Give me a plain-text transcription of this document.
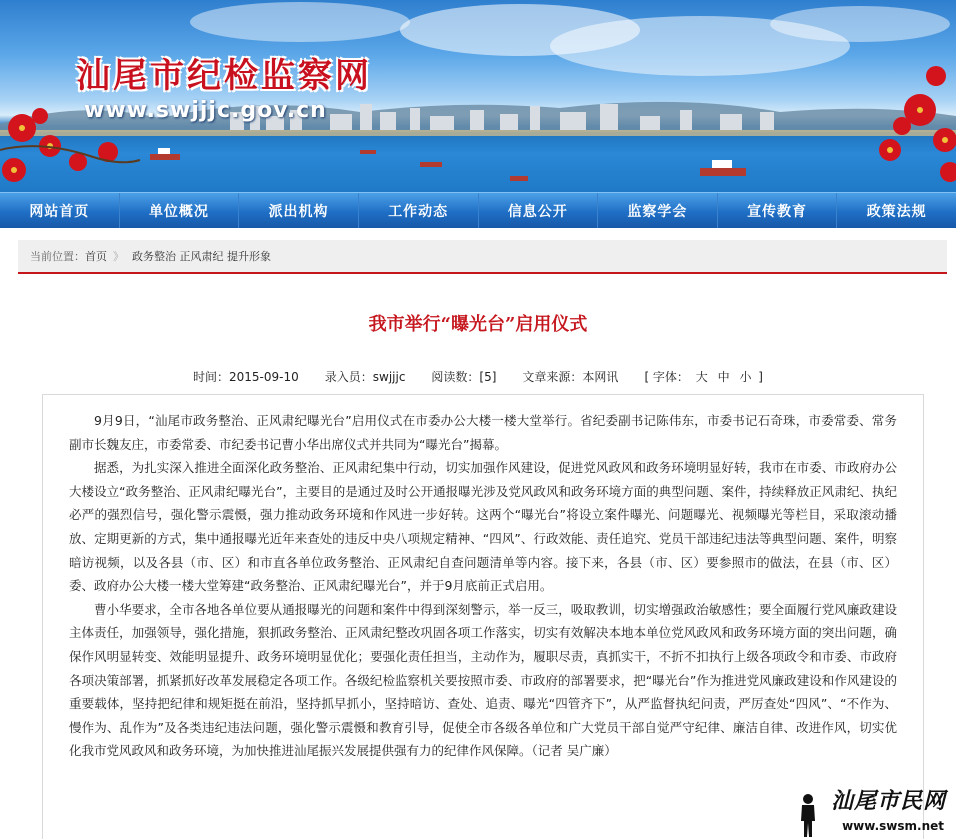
汕尾市纪检监察网
www.swjjjc.gov.cn
网站首页	单位概况	派出机构	工作动态	信息公开	监察学会	宣传教育	政策法规
当前位置： 首页 》 政务整治 正风肃纪 提升形象
我市举行“曝光台”启用仪式
时间：2015-09-10 录入员：swjjjc 阅读数：[5] 文章来源：本网讯 [ 字体： 大 中 小 ]

9月9日，“汕尾市政务整治、正风肃纪曝光台”启用仪式在市委办公大楼一楼大堂举行。省纪委副书记陈伟东，市委书记石奇珠，市委常委、常务副市长魏友庄，市委常委、市纪委书记曹小华出席仪式并共同为“曝光台”揭幕。

据悉，为扎实深入推进全面深化政务整治、正风肃纪集中行动，切实加强作风建设，促进党风政风和政务环境明显好转，我市在市委、市政府办公大楼设立“政务整治、正风肃纪曝光台”，主要目的是通过及时公开通报曝光涉及党风政风和政务环境方面的典型问题、案件，持续释放正风肃纪、执纪必严的强烈信号，强化警示震慑，强力推动政务环境和作风进一步好转。这两个“曝光台”将设立案件曝光、问题曝光、视频曝光等栏目，采取滚动播放、定期更新的方式，集中通报曝光近年来查处的违反中央八项规定精神、“四风”、行政效能、责任追究、党员干部违纪违法等典型问题、案件，明察暗访视频，以及各县（市、区）和市直各单位政务整治、正风肃纪自查问题清单等内容。接下来，各县（市、区）要参照市的做法，在县（市、区）委、政府办公大楼一楼大堂筹建“政务整治、正风肃纪曝光台”，并于9月底前正式启用。

曹小华要求，全市各地各单位要从通报曝光的问题和案件中得到深刻警示，举一反三，吸取教训，切实增强政治敏感性；要全面履行党风廉政建设主体责任，加强领导，强化措施，狠抓政务整治、正风肃纪整改巩固各项工作落实，切实有效解决本地本单位党风政风和政务环境方面的突出问题，确保作风明显转变、效能明显提升、政务环境明显优化；要强化责任担当，主动作为，履职尽责，真抓实干，不折不扣执行上级各项政令和市委、市政府各项决策部署，抓紧抓好改革发展稳定各项工作。各级纪检监察机关要按照市委、市政府的部署要求，把“曝光台”作为推进党风廉政建设和作风建设的重要载体，坚持把纪律和规矩挺在前沿，坚持抓早抓小，坚持暗访、查处、追责、曝光“四管齐下”，从严监督执纪问责，严厉查处“四风”、“不作为、慢作为、乱作为”及各类违纪违法问题，强化警示震慑和教育引导，促使全市各级各单位和广大党员干部自觉严守纪律、廉洁自律、改进作风，切实优化我市党风政风和政务环境，为加快推进汕尾振兴发展提供强有力的纪律作风保障。（记者 吴广廉）

汕尾市民网
www.swsm.net
